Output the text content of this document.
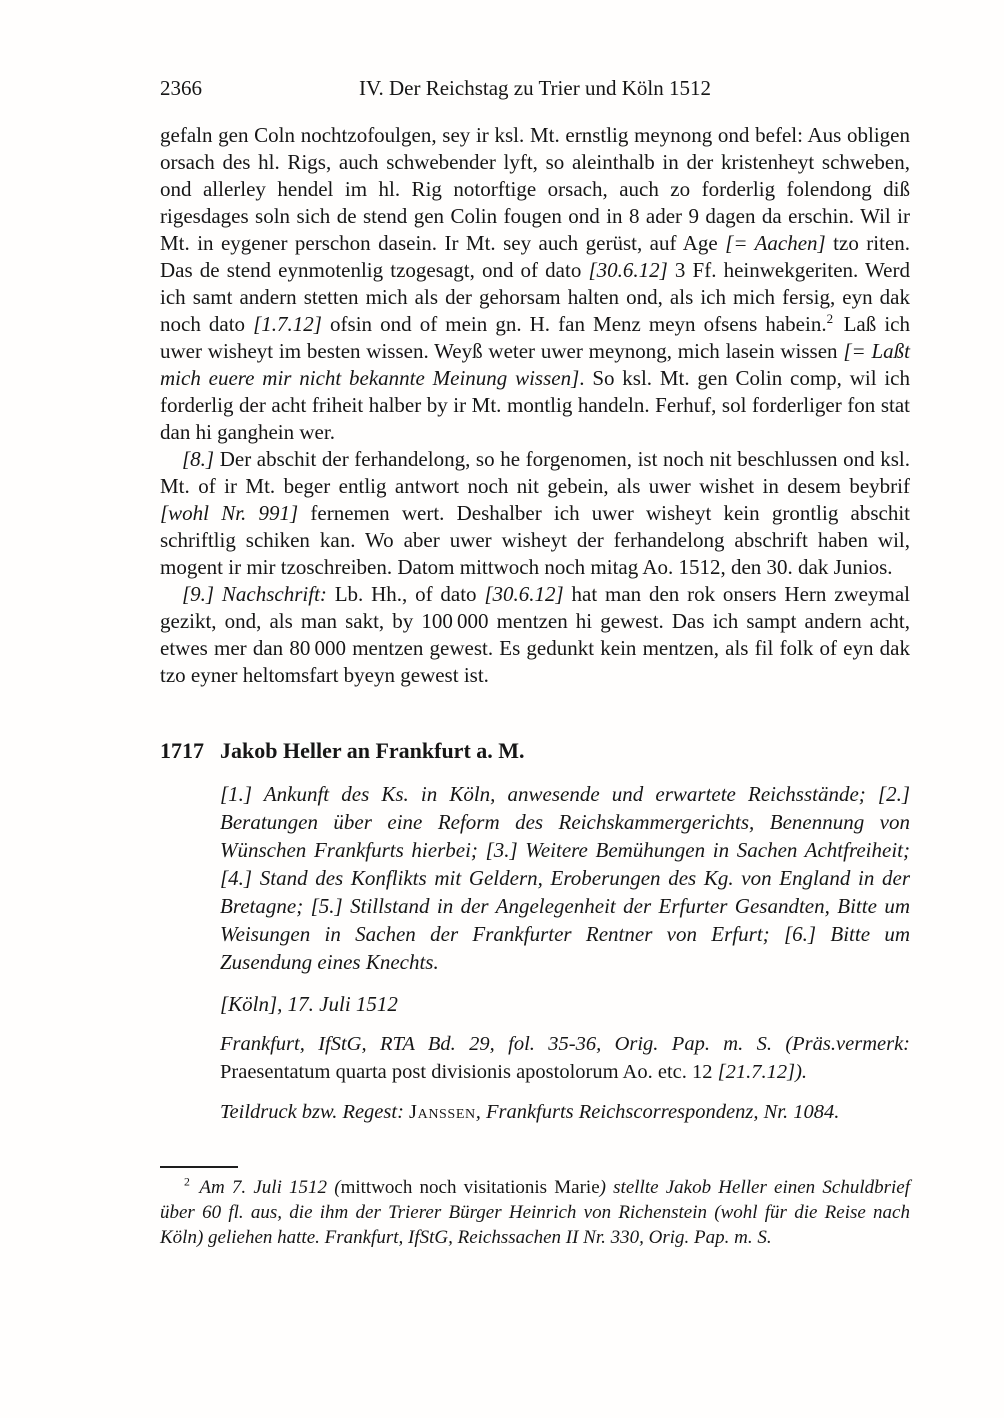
2366	IV. Der Reichstag zu Trier und Köln 1512

gefaln gen Coln nochtzofoulgen, sey ir ksl. Mt. ernstlig meynong ond befel: Aus obligen orsach des hl. Rigs, auch schwebender lyft, so aleinthalb in der kristenheyt schweben, ond allerley hendel im hl. Rig notorftige orsach, auch zo forderlig folendong diß rigesdages soln sich de stend gen Colin fougen ond in 8 ader 9 dagen da erschin. Wil ir Mt. in eygener perschon dasein. Ir Mt. sey auch gerüst, auf Age [= Aachen] tzo riten. Das de stend eynmotenlig tzogesagt, ond of dato [30.6.12] 3 Ff. heinwekgeriten. Werd ich samt andern stetten mich als der gehorsam halten ond, als ich mich fersig, eyn dak noch dato [1.7.12] ofsin ond of mein gn. H. fan Menz meyn ofsens habein.$^2$ Laß ich uwer wisheyt im besten wissen. Weyß weter uwer meynong, mich lasein wissen [= Laßt mich euere mir nicht bekannte Meinung wissen]. So ksl. Mt. gen Colin comp, wil ich forderlig der acht friheit halber by ir Mt. montlig handeln. Ferhuf, sol forderliger fon stat dan hi ganghein wer.

[8.] Der abschit der ferhandelong, so he forgenomen, ist noch nit beschlussen ond ksl. Mt. of ir Mt. beger entlig antwort noch nit gebein, als uwer wishet in desem beybrif [wohl Nr. 991] fernemen wert. Deshalber ich uwer wisheyt kein grontlig abschit schriftlig schiken kan. Wo aber uwer wisheyt der ferhandelong abschrift haben wil, mogent ir mir tzoschreiben. Datom mittwoch noch mitag Ao. 1512, den 30. dak Junios.

[9.] Nachschrift: Lb. Hh., of dato [30.6.12] hat man den rok onsers Hern zweymal gezikt, ond, als man sakt, by 100 000 mentzen hi gewest. Das ich sampt andern acht, etwes mer dan 80 000 mentzen gewest. Es gedunkt kein mentzen, als fil folk of eyn dak tzo eyner heltomsfart byeyn gewest ist.

1717 Jakob Heller an Frankfurt a. M.

[1.] Ankunft des Ks. in Köln, anwesende und erwartete Reichsstände; [2.] Beratungen über eine Reform des Reichskammergerichts, Benennung von Wünschen Frankfurts hierbei; [3.] Weitere Bemühungen in Sachen Achtfreiheit; [4.] Stand des Konflikts mit Geldern, Eroberungen des Kg. von England in der Bretagne; [5.] Stillstand in der Angelegenheit der Erfurter Gesandten, Bitte um Weisungen in Sachen der Frankfurter Rentner von Erfurt; [6.] Bitte um Zusendung eines Knechts.

[Köln], 17. Juli 1512

Frankfurt, IfStG, RTA Bd. 29, fol. 35-36, Orig. Pap. m. S. (Präs.vermerk: Praesentatum quarta post divisionis apostolorum Ao. etc. 12 [21.7.12]).

Teildruck bzw. Regest: Janssen, Frankfurts Reichscorrespondenz, Nr. 1084.

$^2$ Am 7. Juli 1512 (mittwoch noch visitationis Marie) stellte Jakob Heller einen Schuldbrief über 60 fl. aus, die ihm der Trierer Bürger Heinrich von Richenstein (wohl für die Reise nach Köln) geliehen hatte. Frankfurt, IfStG, Reichssachen II Nr. 330, Orig. Pap. m. S.
